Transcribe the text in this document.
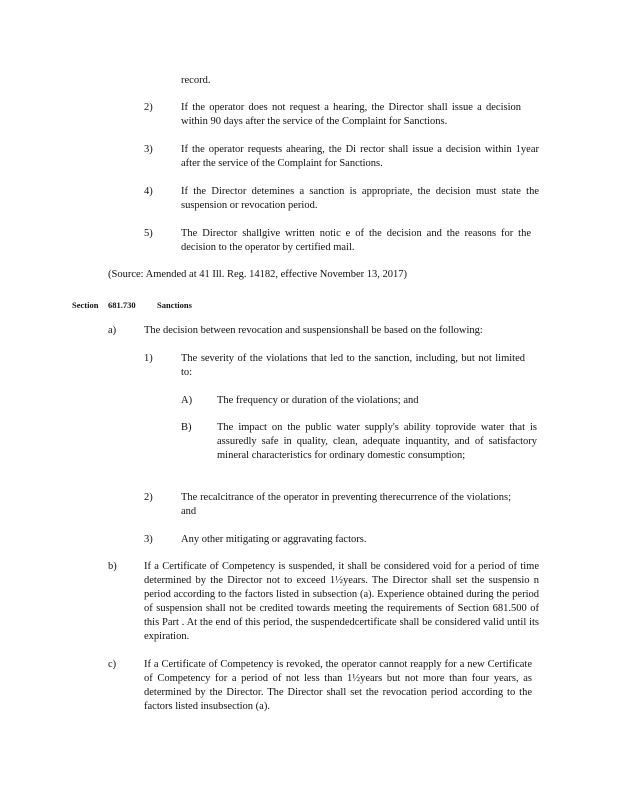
record.
2)	If the operator does not request a hearing, the Director shall issue a decision within 90 days after the service of the Complaint for Sanctions.
3)	If the operator requests ahearing, the Di rector shall issue a decision within 1year after the service of the Complaint for Sanctions.
4)	If the Director detemines a sanction is appropriate, the decision must state the suspension or revocation period.
5)	The Director shallgive written notic e of the decision and the reasons for the decision to the operator by certified mail.
(Source: Amended at 41 Ill. Reg. 14182, effective November 13, 2017)
Section 681.730	Sanctions
a)	The decision between revocation and suspensionshall be based on the following:
1)	The severity of the violations that led to the sanction, including, but not limited to:
A) The frequency or duration of the violations; and
B) The impact on the public water supply's ability toprovide water that is assuredly safe in quality, clean, adequate inquantity, and of satisfactory mineral characteristics for ordinary domestic consumption;
2)	The recalcitrance of the operator in preventing therecurrence of the violations; and
3)	Any other mitigating or aggravating factors.
b)	If a Certificate of Competency is suspended, it shall be considered void for a period of time determined by the Director not to exceed 1½years. The Director shall set the suspensio n period according to the factors listed in subsection (a). Experience obtained during the period of suspension shall not be credited towards meeting the requirements of Section 681.500 of this Part . At the end of this period, the suspendedcertificate shall be considered valid until its expiration.
c)	If a Certificate of Competency is revoked, the operator cannot reapply for a new Certificate of Competency for a period of not less than 1½years but not more than four years, as determined by the Director. The Director shall set the revocation period according to the factors listed insubsection (a).
